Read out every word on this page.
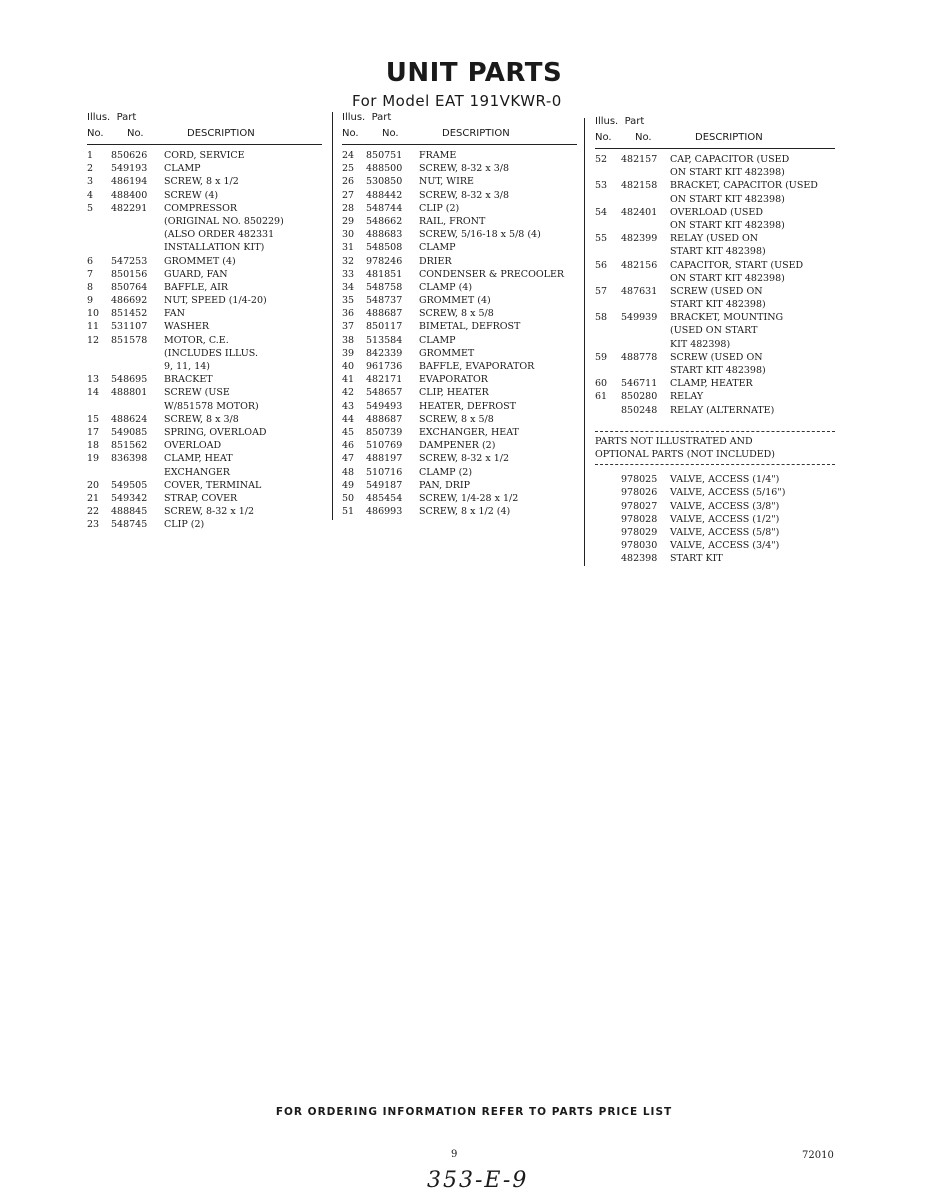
UNIT PARTS
For Model EAT 191VKWR-0
Illus. Part
No. No.	DESCRIPTION
1	850626 CORD, SERVICE
2	549193 CLAMP
3	486194 SCREW, 8 x 1/2
4	488400 SCREW (4)
5	482291 COMPRESSOR
(ORIGINAL NO. 850229)
(ALSO ORDER 482331
INSTALLATION KIT)
6	547253 GROMMET (4)
7	850156 GUARD, FAN
8	850764 BAFFLE, AIR
9	486692 NUT, SPEED (1/4-20)
10	851452 FAN
11	531107 WASHER
12	851578 MOTOR, C.E.
(INCLUDES ILLUS.
9, 11, 14)
13	548695 BRACKET
14	488801 SCREW (USE
W/851578 MOTOR)
15	488624 SCREW, 8 x 3/8
17	549085 SPRING, OVERLOAD
18	851562 OVERLOAD
19	836398 CLAMP, HEAT
EXCHANGER
20	549505 COVER, TERMINAL
21	549342 STRAP, COVER
22	488845 SCREW, 8-32 x 1/2
23	548745 CLIP (2)
Illus. Part
No. No.	DESCRIPTION
24	850751 FRAME
25	488500 SCREW, 8-32 x 3/8
26	530850 NUT, WIRE
27	488442 SCREW, 8-32 x 3/8
28	548744 CLIP (2)
29	548662 RAIL, FRONT
30	488683 SCREW, 5/16-18 x 5/8 (4)
31	548508 CLAMP
32	978246 DRIER
33	481851 CONDENSER & PRECOOLER
34	548758 CLAMP (4)
35	548737 GROMMET (4)
36	488687 SCREW, 8 x 5/8
37	850117 BIMETAL, DEFROST
38	513584 CLAMP
39	842339 GROMMET
40	961736 BAFFLE, EVAPORATOR
41	482171 EVAPORATOR
42	548657 CLIP, HEATER
43	549493 HEATER, DEFROST
44	488687 SCREW, 8 x 5/8
45	850739 EXCHANGER, HEAT
46	510769 DAMPENER (2)
47	488197 SCREW, 8-32 x 1/2
48	510716 CLAMP (2)
49	549187 PAN, DRIP
50	485454 SCREW, 1/4-28 x 1/2
51	486993 SCREW, 8 x 1/2 (4)
Illus. Part
No. No.	DESCRIPTION
52	482157 CAP, CAPACITOR (USED
ON START KIT 482398)
53	482158 BRACKET, CAPACITOR (USED
ON START KIT 482398)
54	482401 OVERLOAD (USED
ON START KIT 482398)
55	482399 RELAY (USED ON
START KIT 482398)
56	482156 CAPACITOR, START (USED
ON START KIT 482398)
57	487631 SCREW (USED ON
START KIT 482398)
58	549939 BRACKET, MOUNTING
(USED ON START
KIT 482398)
59	488778 SCREW (USED ON
START KIT 482398)
60	546711 CLAMP, HEATER
61	850280 RELAY
850248 RELAY (ALTERNATE)
PARTS NOT ILLUSTRATED AND
OPTIONAL PARTS (NOT INCLUDED)
978025 VALVE, ACCESS (1/4")
978026 VALVE, ACCESS (5/16")
978027 VALVE, ACCESS (3/8")
978028 VALVE, ACCESS (1/2")
978029 VALVE, ACCESS (5/8")
978030 VALVE, ACCESS (3/4")
482398 START KIT
FOR ORDERING INFORMATION REFER TO PARTS PRICE LIST
9	72010
353-E-9
